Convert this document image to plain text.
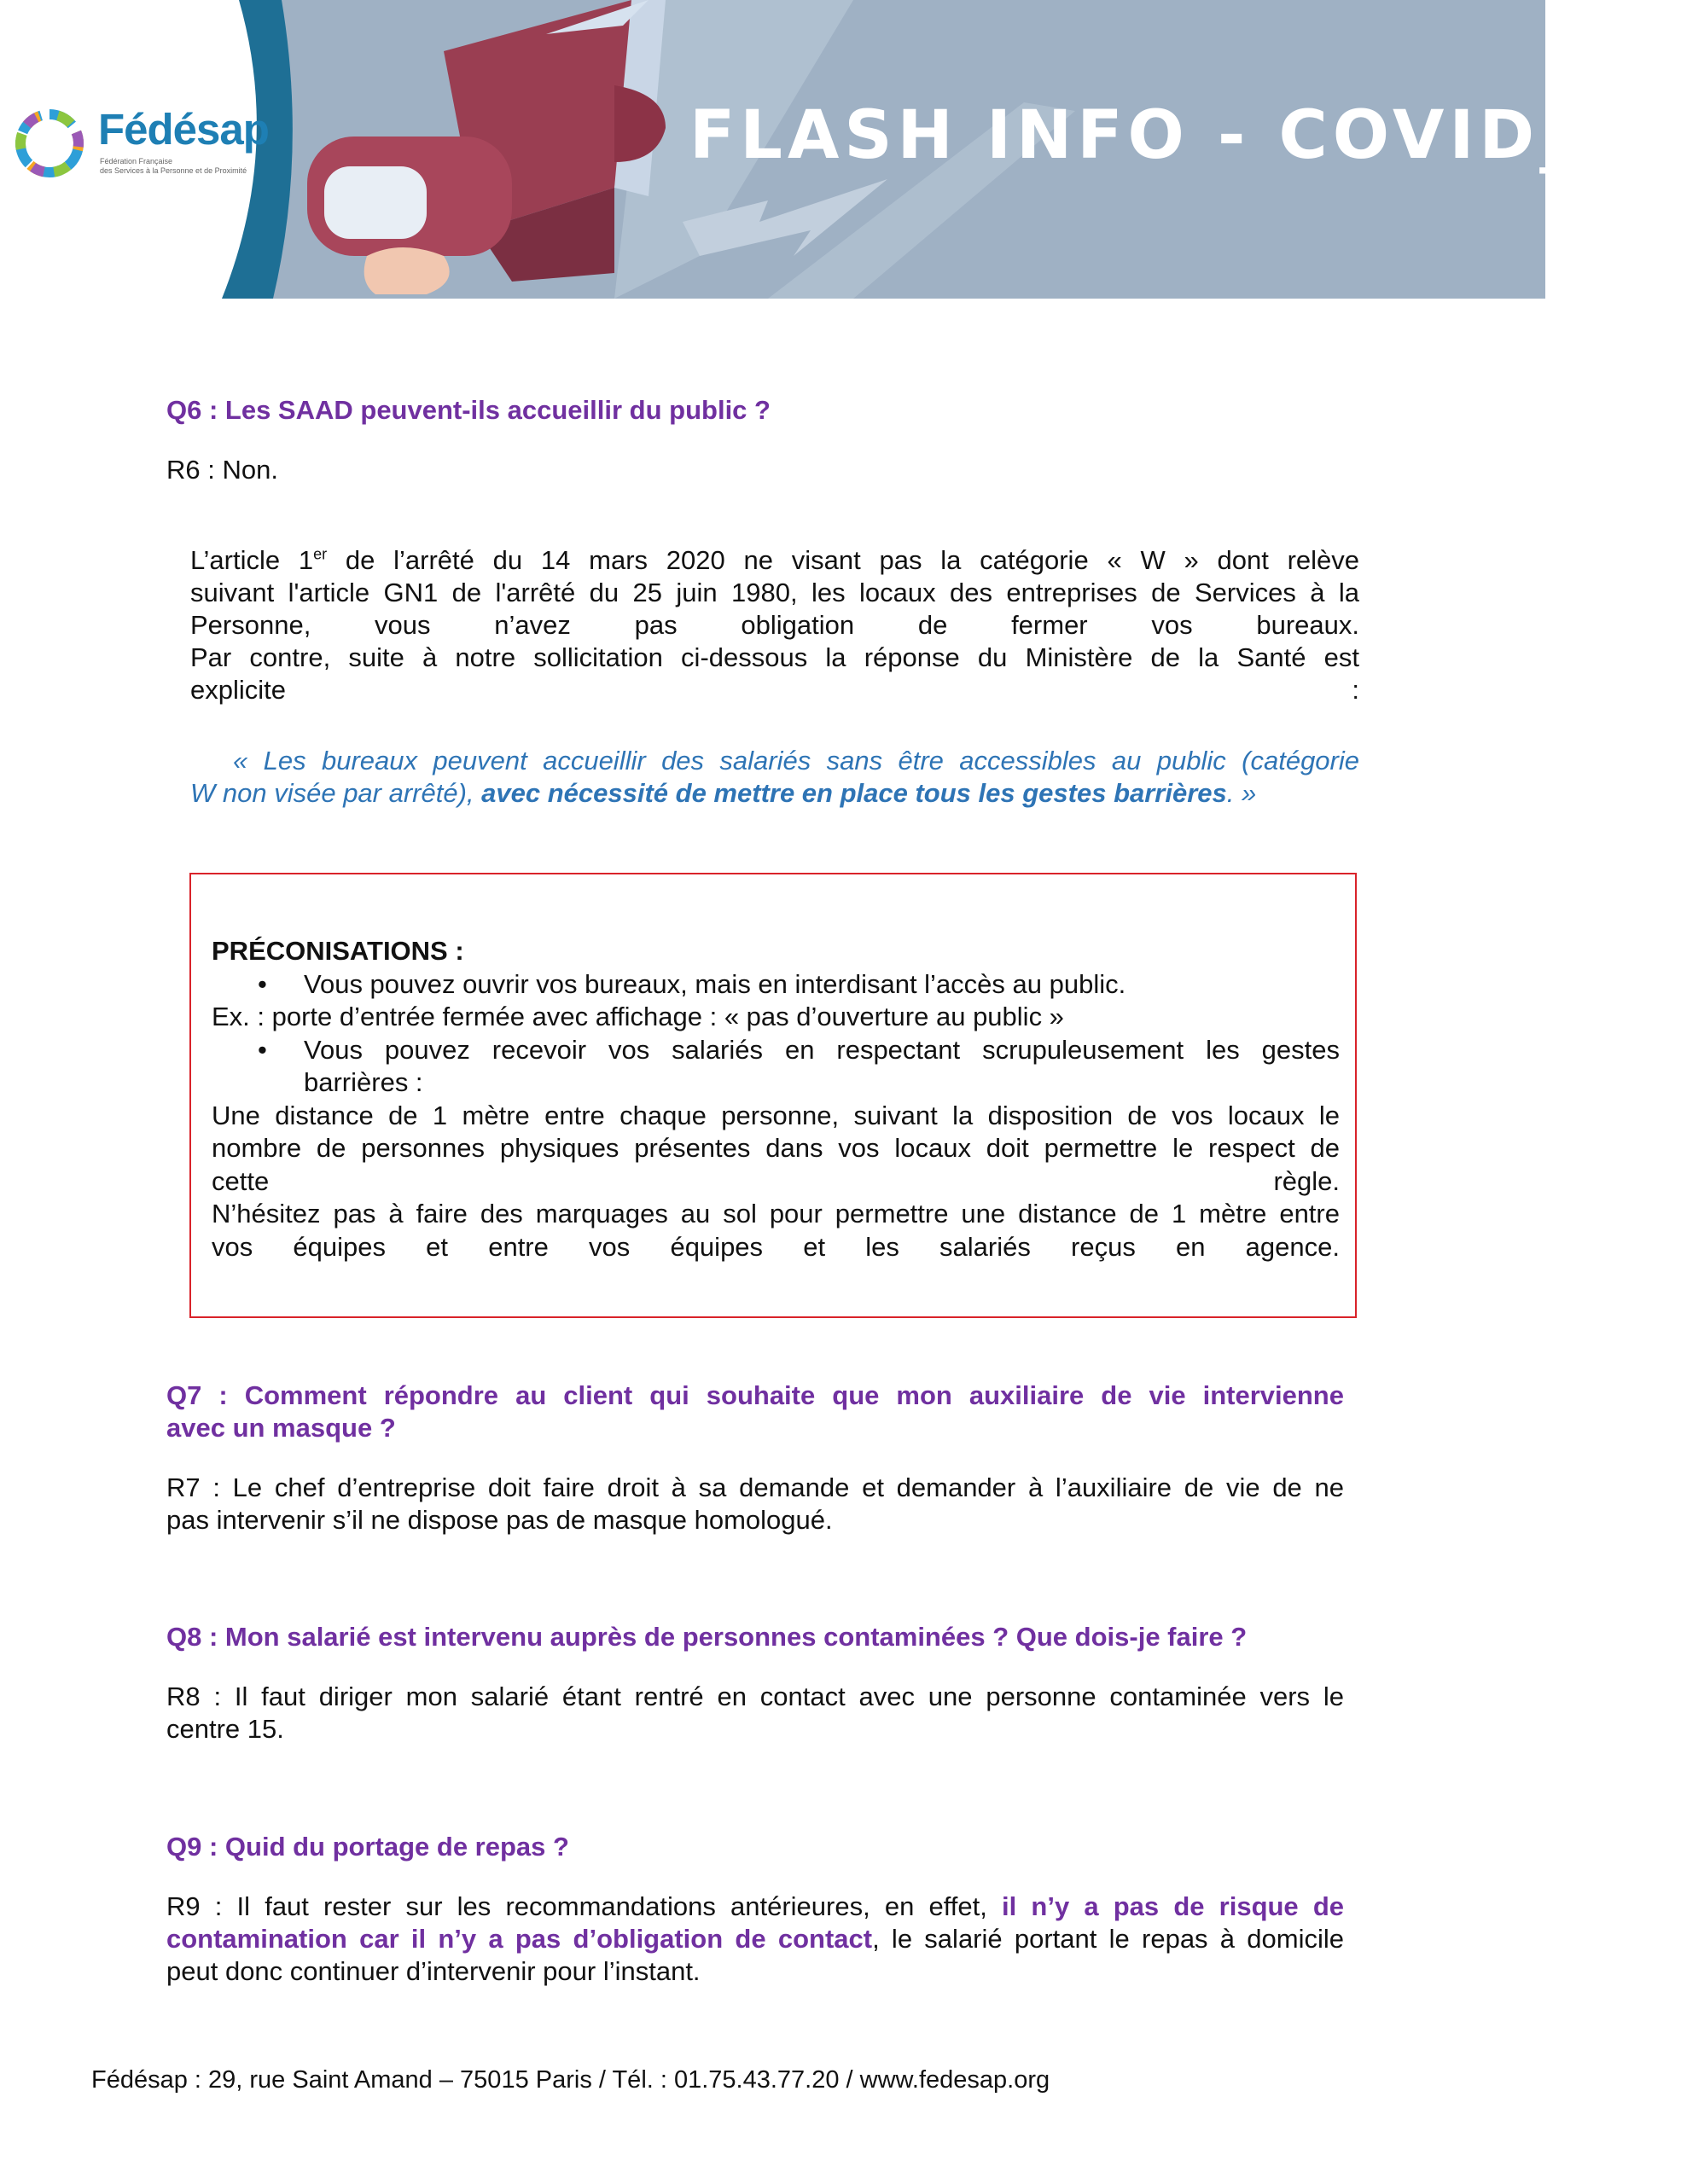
Fédésap
Fédération Française
des Services à la Personne et de Proximité	FLASH INFO - COVID_19
Q6 : Les SAAD peuvent-ils accueillir du public ?
R6 : Non.
L’article 1er de l’arrêté du 14 mars 2020 ne visant pas la catégorie « W » dont relève
suivant l'article GN1 de l'arrêté du 25 juin 1980, les locaux des entreprises de Services à la
Personne, vous n’avez pas obligation de fermer vos bureaux.
Par contre, suite à notre sollicitation ci-dessous la réponse du Ministère de la Santé est
explicite :
« Les bureaux peuvent accueillir des salariés sans être accessibles au public (catégorie
W non visée par arrêté), avec nécessité de mettre en place tous les gestes barrières. »
PRÉCONISATIONS :
• Vous pouvez ouvrir vos bureaux, mais en interdisant l’accès au public.
Ex. : porte d’entrée fermée avec affichage : « pas d’ouverture au public »
• Vous pouvez recevoir vos salariés en respectant scrupuleusement les gestes
barrières :
Une distance de 1 mètre entre chaque personne, suivant la disposition de vos locaux le
nombre de personnes physiques présentes dans vos locaux doit permettre le respect de
cette règle.
N’hésitez pas à faire des marquages au sol pour permettre une distance de 1 mètre entre
vos équipes et entre vos équipes et les salariés reçus en agence.
Q7 : Comment répondre au client qui souhaite que mon auxiliaire de vie intervienne
avec un masque ?
R7 : Le chef d’entreprise doit faire droit à sa demande et demander à l’auxiliaire de vie de ne
pas intervenir s’il ne dispose pas de masque homologué.
Q8 : Mon salarié est intervenu auprès de personnes contaminées ? Que dois-je faire ?
R8 : Il faut diriger mon salarié étant rentré en contact avec une personne contaminée vers le
centre 15.
Q9 : Quid du portage de repas ?
R9 : Il faut rester sur les recommandations antérieures, en effet, il n’y a pas de risque de
contamination car il n’y a pas d’obligation de contact, le salarié portant le repas à domicile
peut donc continuer d’intervenir pour l’instant.
Fédésap : 29, rue Saint Amand – 75015 Paris / Tél. : 01.75.43.77.20 / www.fedesap.org
